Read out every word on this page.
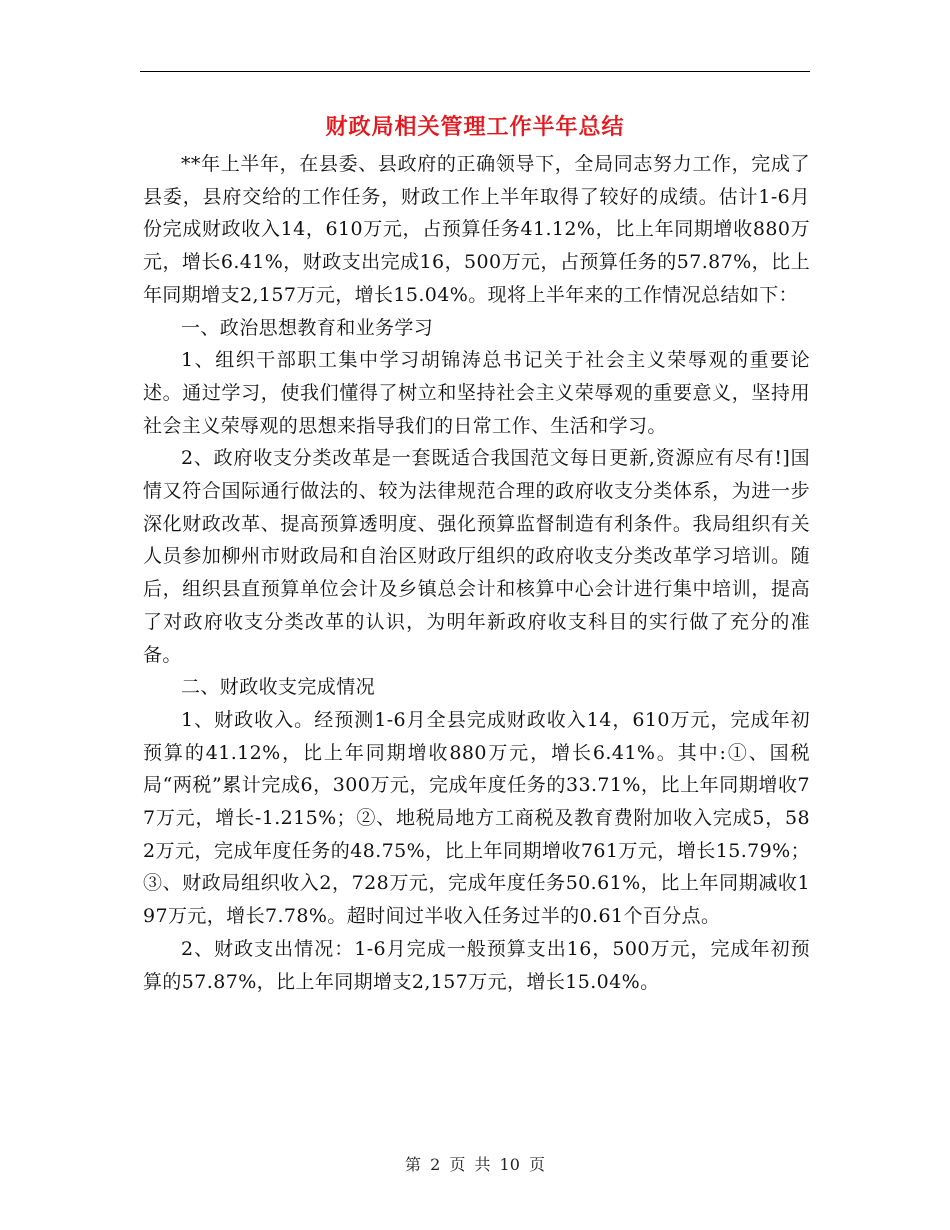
财政局相关管理工作半年总结

**年上半年，在县委、县政府的正确领导下，全局同志努力工作，完成了县委，县府交给的工作任务，财政工作上半年取得了较好的成绩。估计1-6月份完成财政收入14，610万元，占预算任务41.12%，比上年同期增收880万元，增长6.41%，财政支出完成16，500万元，占预算任务的57.87%，比上年同期增支2,157万元，增长15.04%。现将上半年来的工作情况总结如下：

一、政治思想教育和业务学习

1、组织干部职工集中学习胡锦涛总书记关于社会主义荣辱观的重要论述。通过学习，使我们懂得了树立和坚持社会主义荣辱观的重要意义，坚持用社会主义荣辱观的思想来指导我们的日常工作、生活和学习。

2、政府收支分类改革是一套既适合我国范文每日更新,资源应有尽有!]国情又符合国际通行做法的、较为法律规范合理的政府收支分类体系，为进一步深化财政改革、提高预算透明度、强化预算监督制造有利条件。我局组织有关人员参加柳州市财政局和自治区财政厅组织的政府收支分类改革学习培训。随后，组织县直预算单位会计及乡镇总会计和核算中心会计进行集中培训，提高了对政府收支分类改革的认识，为明年新政府收支科目的实行做了充分的准备。

二、财政收支完成情况

1、财政收入。经预测1-6月全县完成财政收入14，610万元，完成年初预算的41.12%，比上年同期增收880万元，增长6.41%。其中:①、国税局“两税”累计完成6，300万元，完成年度任务的33.71%，比上年同期增收77万元，增长-1.215%；②、地税局地方工商税及教育费附加收入完成5，582万元，完成年度任务的48.75%，比上年同期增收761万元，增长15.79%；③、财政局组织收入2，728万元，完成年度任务50.61%，比上年同期减收197万元，增长7.78%。超时间过半收入任务过半的0.61个百分点。

2、财政支出情况：1-6月完成一般预算支出16，500万元，完成年初预算的57.87%，比上年同期增支2,157万元，增长15.04%。

第 2 页 共 10 页
